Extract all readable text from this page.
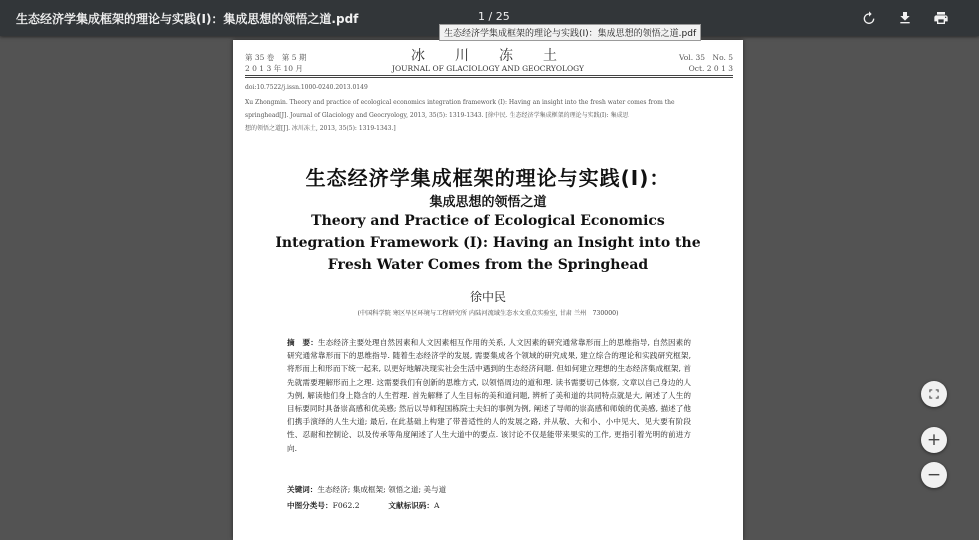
生态经济学集成框架的理论与实践(Ⅰ)：集成思想的领悟之道.pdf	1 / 25
生态经济学集成框架的理论与实践(Ⅰ)：集成思想的领悟之道.pdf
第 35 卷　第 5 期
2 0 1 3 年 10 月
冰　川　冻　土
JOURNAL OF GLACIOLOGY AND GEOCRYOLOGY
Vol. 35　No. 5
Oct. 2 0 1 3
doi:10.7522/j.issn.1000-0240.2013.0149
Xu Zhongmin. Theory and practice of ecological economics integration framework (Ⅰ): Having an insight into the fresh water comes from the
springhead[J]. Journal of Glaciology and Geocryology, 2013, 35(5): 1319-1343. [徐中民. 生态经济学集成框架的理论与实践(Ⅰ): 集成思
想的领悟之道[J]. 冰川冻土, 2013, 35(5): 1319-1343.]
生态经济学集成框架的理论与实践(Ⅰ)：
集成思想的领悟之道
Theory and Practice of Ecological Economics Integration Framework (Ⅰ): Having an Insight into the Fresh Water Comes from the Springhead
徐中民
(中国科学院 寒区旱区环境与工程研究所 内陆河流域生态水文重点实验室, 甘肃 兰州　730000)
摘　要：生态经济主要处理自然因素和人文因素相互作用的关系, 人文因素的研究通常靠形而上的思维指导, 自然因素的研究通常靠形而下的思维指导. 随着生态经济学的发展, 需要集成各个领域的研究成果, 建立综合的理论和实践研究框架, 将形而上和形而下统一起来, 以更好地解决现实社会生活中遇到的生态经济问题. 但如何建立理想的生态经济集成框架, 首先就需要理解形而上之理. 这需要我们有创新的思维方式, 以领悟周边的道和理. 读书需要切己体察, 文章以自己身边的人为例, 解读他们身上隐含的人生哲理. 首先解释了人生目标的美和道问题, 辨析了美和道的共同特点就是大, 阐述了人生的目标要同时具备崇高感和优美感; 然后以导师程国栋院士夫妇的事例为例, 阐述了导师的崇高感和师娘的优美感, 描述了他们携手演绎的人生大道; 最后, 在此基础上构建了带普适性的人的发展之路, 并从敬、大和小、小中见大、见大要有阶段性、忍耐和控制论、以及传承等角度阐述了人生大道中的要点. 该讨论不仅是能带来果实的工作, 更指引着光明的前进方向.
关键词：生态经济; 集成框架; 领悟之道; 美与道
中图分类号：F062.2	文献标识码：A
+
−
